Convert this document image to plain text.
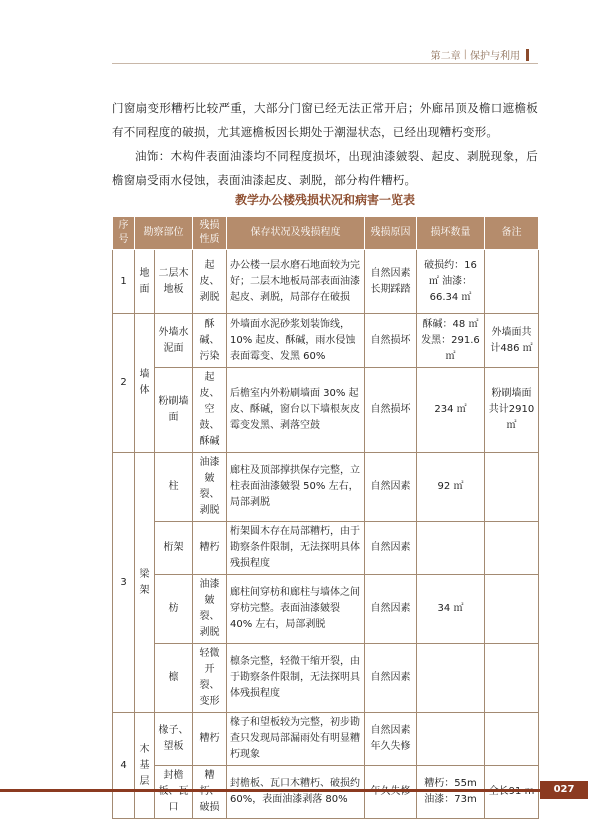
第二章 | 保护与利用

门窗扇变形糟朽比较严重，大部分门窗已经无法正常开启；外廊吊顶及檐口遮檐板有不同程度的破损，尤其遮檐板因长期处于潮湿状态，已经出现糟朽变形。

油饰：木构件表面油漆均不同程度损坏，出现油漆皴裂、起皮、剥脱现象，后檐窗扇受雨水侵蚀，表面油漆起皮、剥脱，部分构件糟朽。

教学办公楼残损状况和病害一览表
序号	勘察部位		残损性质	保存状况及残损程度	残损原因	损坏数量	备注
1	地面	二层木地板	起皮、剥脱	办公楼一层水磨石地面较为完好；二层木地板局部表面油漆起皮、剥脱，局部存在破损	自然因素长期踩踏	破损约：16 ㎡ 油漆：66.34 ㎡	
2	墙体	外墙水泥面	酥碱、污染	外墙面水泥砂浆划装饰线，10% 起皮、酥碱，雨水侵蚀表面霉变、发黑 60%	自然损坏	酥碱：48 ㎡ 发黑：291.6 ㎡	外墙面共计486 ㎡
		粉刷墙面	起皮、空鼓、酥碱	后檐室内外粉刷墙面 30% 起皮、酥碱，窗台以下墙根灰皮霉变发黑、剥落空鼓	自然损坏	234 ㎡	粉刷墙面共计2910 ㎡
3	梁架	柱	油漆皴裂、剥脱	廊柱及顶部撑拱保存完整，立柱表面油漆皴裂 50% 左右，局部剥脱	自然因素	92 ㎡	
		桁架	糟朽	桁架圆木存在局部糟朽，由于勘察条件限制，无法探明具体残损程度	自然因素		
		枋	油漆皴裂、剥脱	廊柱间穿枋和廊柱与墙体之间穿枋完整。表面油漆皴裂 40% 左右，局部剥脱	自然因素	34 ㎡	
		檩	轻微开裂、变形	檩条完整，轻微干缩开裂，由于勘察条件限制，无法探明具体残损程度	自然因素		
4	木基层	椽子、望板	糟朽	椽子和望板较为完整，初步勘查只发现局部漏雨处有明显糟朽现象	自然因素年久失修		
		封檐 口	糟 破损	封檐板、瓦口木糟朽、破损约 60%，表面油漆剥落 80%		糟朽：55m 油漆：73m	
027
